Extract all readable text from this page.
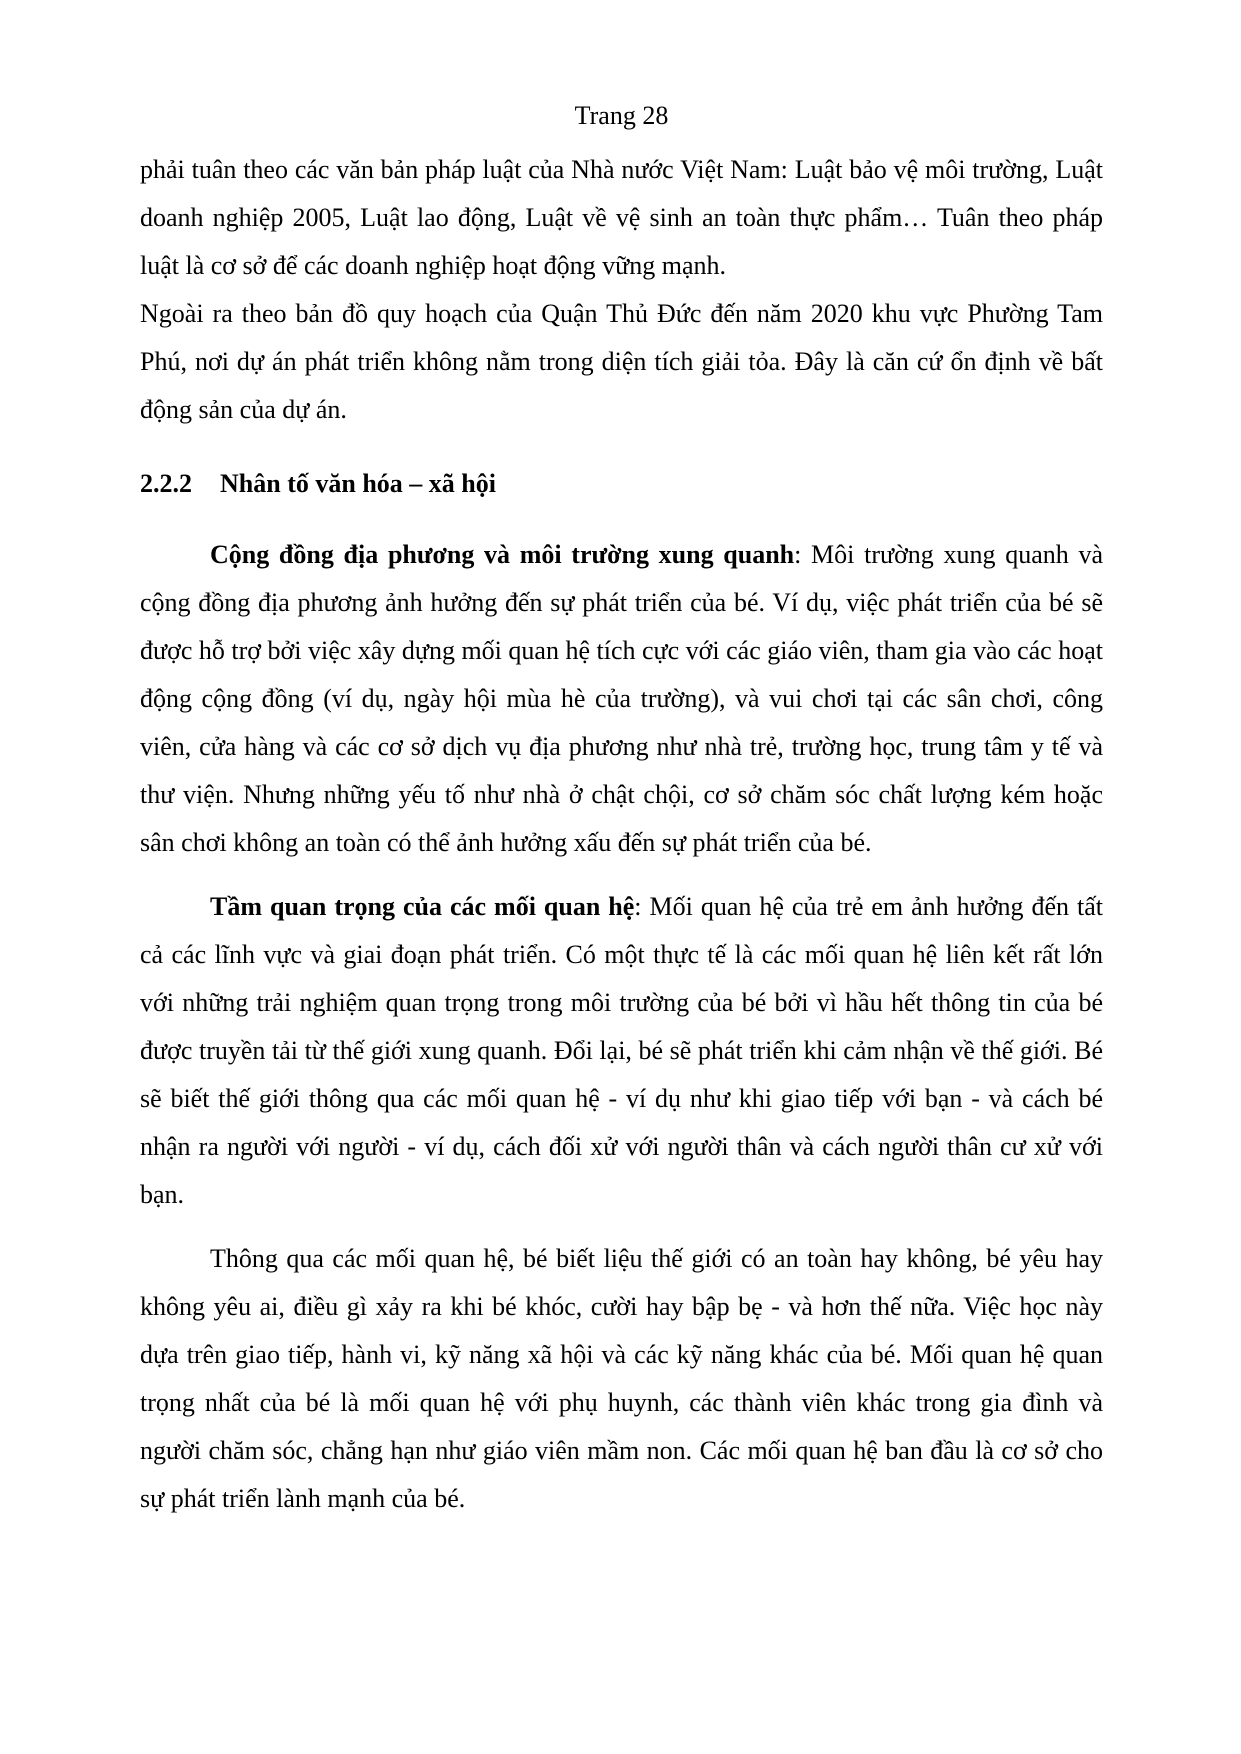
Trang 28

phải tuân theo các văn bản pháp luật của Nhà nước Việt Nam: Luật bảo vệ môi trường, Luật doanh nghiệp 2005, Luật lao động, Luật về vệ sinh an toàn thực phẩm… Tuân theo pháp luật là cơ sở để các doanh nghiệp hoạt động vững mạnh.

Ngoài ra theo bản đồ quy hoạch của Quận Thủ Đức đến năm 2020 khu vực Phường Tam Phú, nơi dự án phát triển không nằm trong diện tích giải tỏa. Đây là căn cứ ổn định về bất động sản của dự án.

2.2.2 Nhân tố văn hóa – xã hội

Cộng đồng địa phương và môi trường xung quanh: Môi trường xung quanh và cộng đồng địa phương ảnh hưởng đến sự phát triển của bé. Ví dụ, việc phát triển của bé sẽ được hỗ trợ bởi việc xây dựng mối quan hệ tích cực với các giáo viên, tham gia vào các hoạt động cộng đồng (ví dụ, ngày hội mùa hè của trường), và vui chơi tại các sân chơi, công viên, cửa hàng và các cơ sở dịch vụ địa phương như nhà trẻ, trường học, trung tâm y tế và thư viện. Nhưng những yếu tố như nhà ở chật chội, cơ sở chăm sóc chất lượng kém hoặc sân chơi không an toàn có thể ảnh hưởng xấu đến sự phát triển của bé.

Tầm quan trọng của các mối quan hệ: Mối quan hệ của trẻ em ảnh hưởng đến tất cả các lĩnh vực và giai đoạn phát triển. Có một thực tế là các mối quan hệ liên kết rất lớn với những trải nghiệm quan trọng trong môi trường của bé bởi vì hầu hết thông tin của bé được truyền tải từ thế giới xung quanh. Đổi lại, bé sẽ phát triển khi cảm nhận về thế giới. Bé sẽ biết thế giới thông qua các mối quan hệ - ví dụ như khi giao tiếp với bạn - và cách bé nhận ra người với người - ví dụ, cách đối xử với người thân và cách người thân cư xử với bạn.

Thông qua các mối quan hệ, bé biết liệu thế giới có an toàn hay không, bé yêu hay không yêu ai, điều gì xảy ra khi bé khóc, cười hay bập bẹ - và hơn thế nữa. Việc học này dựa trên giao tiếp, hành vi, kỹ năng xã hội và các kỹ năng khác của bé. Mối quan hệ quan trọng nhất của bé là mối quan hệ với phụ huynh, các thành viên khác trong gia đình và người chăm sóc, chẳng hạn như giáo viên mầm non. Các mối quan hệ ban đầu là cơ sở cho sự phát triển lành mạnh của bé.
